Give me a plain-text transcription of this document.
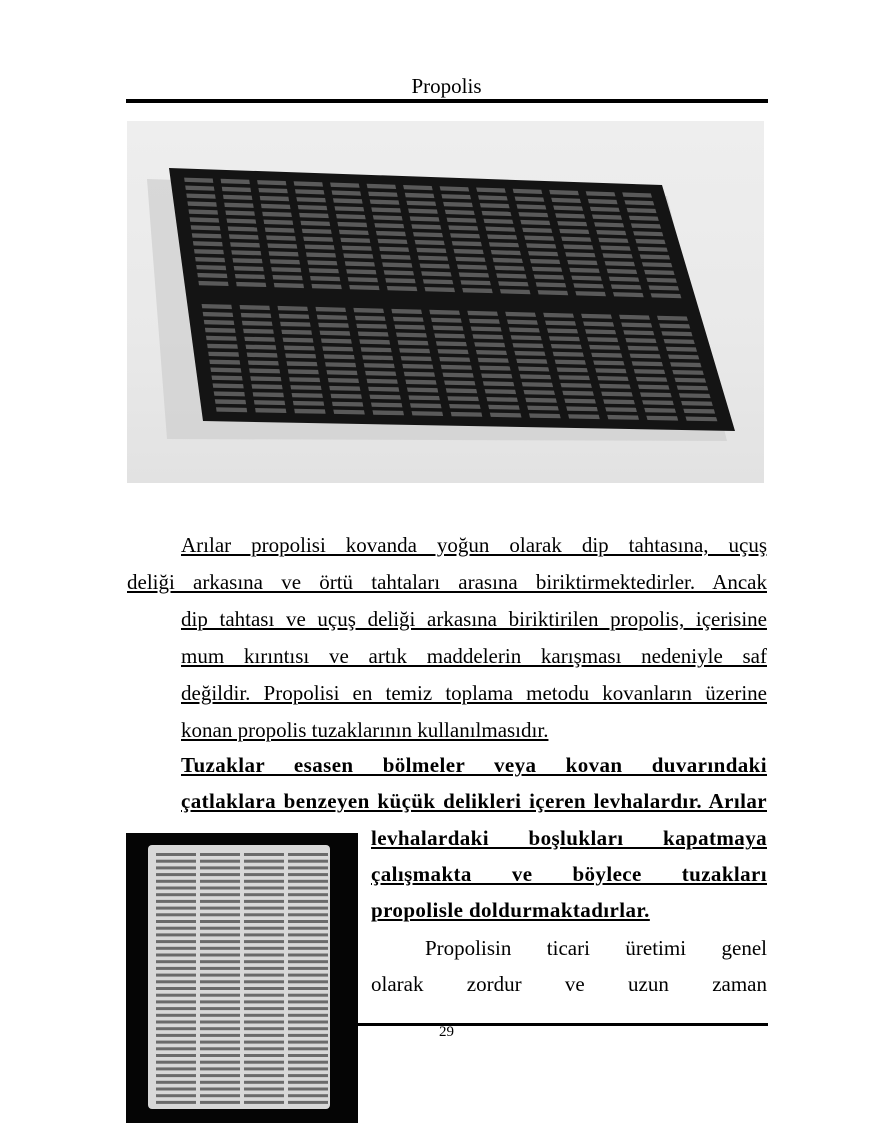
Propolis
Arılar propolisi kovanda yoğun olarak dip tahtasına, uçuş
deliği arkasına ve örtü tahtaları arasına biriktirmektedirler. Ancak
dip tahtası ve uçuş deliği arkasına biriktirilen propolis, içerisine
mum kırıntısı ve artık maddelerin karışması nedeniyle saf
değildir. Propolisi en temiz toplama metodu kovanların üzerine
konan propolis tuzaklarının kullanılmasıdır.
Tuzaklar esasen bölmeler veya kovan duvarındaki
çatlaklara benzeyen küçük delikleri içeren levhalardır. Arılar
levhalardaki boşlukları kapatmaya
çalışmakta ve böylece tuzakları
propolisle doldurmaktadırlar.
Propolisin ticari üretimi genel
olarak zordur ve uzun zaman
29
